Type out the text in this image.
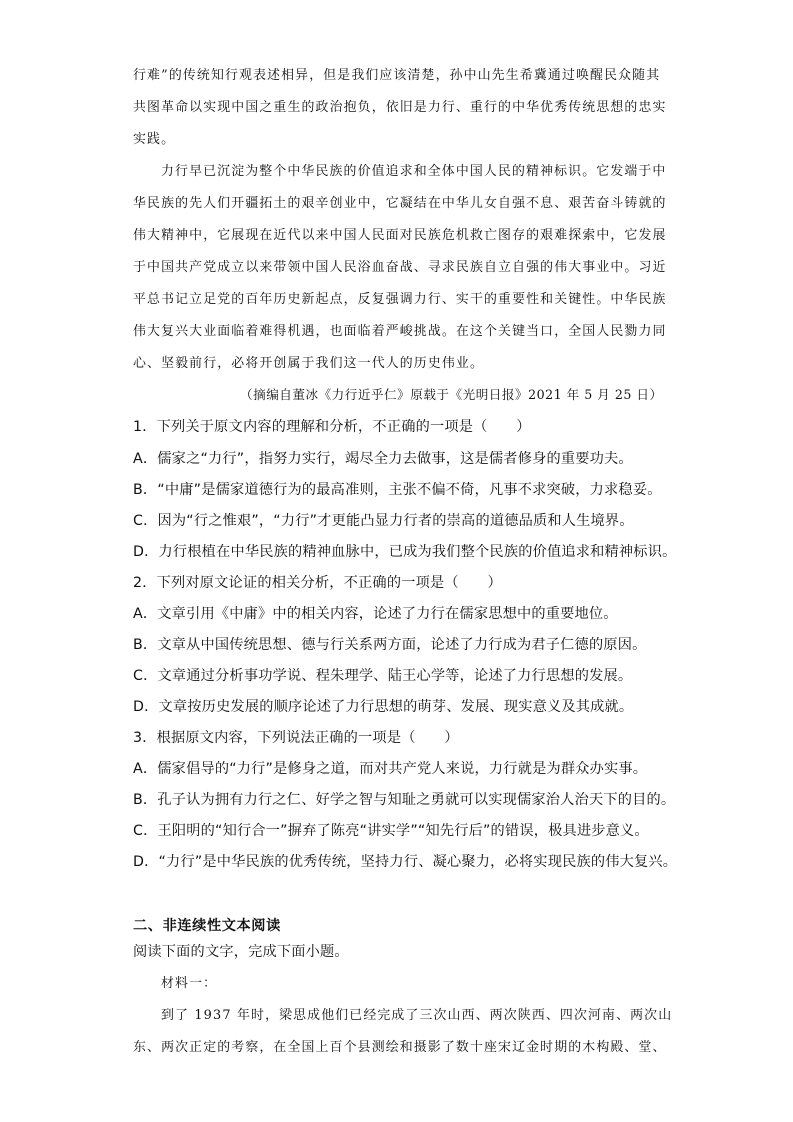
行难”的传统知行观表述相异，但是我们应该清楚，孙中山先生希冀通过唤醒民众随其
共图革命以实现中国之重生的政治抱负，依旧是力行、重行的中华优秀传统思想的忠实
实践。
力行早已沉淀为整个中华民族的价值追求和全体中国人民的精神标识。它发端于中
华民族的先人们开疆拓土的艰辛创业中，它凝结在中华儿女自强不息、艰苦奋斗铸就的
伟大精神中，它展现在近代以来中国人民面对民族危机救亡图存的艰难探索中，它发展
于中国共产党成立以来带领中国人民浴血奋战、寻求民族自立自强的伟大事业中。习近
平总书记立足党的百年历史新起点，反复强调力行、实干的重要性和关键性。中华民族
伟大复兴大业面临着难得机遇，也面临着严峻挑战。在这个关键当口，全国人民勠力同
心、坚毅前行，必将开创属于我们这一代人的历史伟业。
（摘编自董冰《力行近乎仁》原载于《光明日报》2021 年 5 月 25 日）
1．下列关于原文内容的理解和分析，不正确的一项是（　　）
A．儒家之“力行”，指努力实行，竭尽全力去做事，这是儒者修身的重要功夫。
B．“中庸”是儒家道德行为的最高准则，主张不偏不倚，凡事不求突破，力求稳妥。
C．因为“行之惟艰”，“力行”才更能凸显力行者的崇高的道德品质和人生境界。
D．力行根植在中华民族的精神血脉中，已成为我们整个民族的价值追求和精神标识。
2．下列对原文论证的相关分析，不正确的一项是（　　）
A．文章引用《中庸》中的相关内容，论述了力行在儒家思想中的重要地位。
B．文章从中国传统思想、德与行关系两方面，论述了力行成为君子仁德的原因。
C．文章通过分析事功学说、程朱理学、陆王心学等，论述了力行思想的发展。
D．文章按历史发展的顺序论述了力行思想的萌芽、发展、现实意义及其成就。
3．根据原文内容，下列说法正确的一项是（　　）
A．儒家倡导的“力行”是修身之道，而对共产党人来说，力行就是为群众办实事。
B．孔子认为拥有力行之仁、好学之智与知耻之勇就可以实现儒家治人治天下的目的。
C．王阳明的“知行合一”摒弃了陈亮“讲实学”“知先行后”的错误，极具进步意义。
D．“力行”是中华民族的优秀传统，坚持力行、凝心聚力，必将实现民族的伟大复兴。
二、非连续性文本阅读
阅读下面的文字，完成下面小题。
材料一：
到了 1937 年时，梁思成他们已经完成了三次山西、两次陕西、四次河南、两次山
东、两次正定的考察，在全国上百个县测绘和摄影了数十座宋辽金时期的木构殿、堂、
